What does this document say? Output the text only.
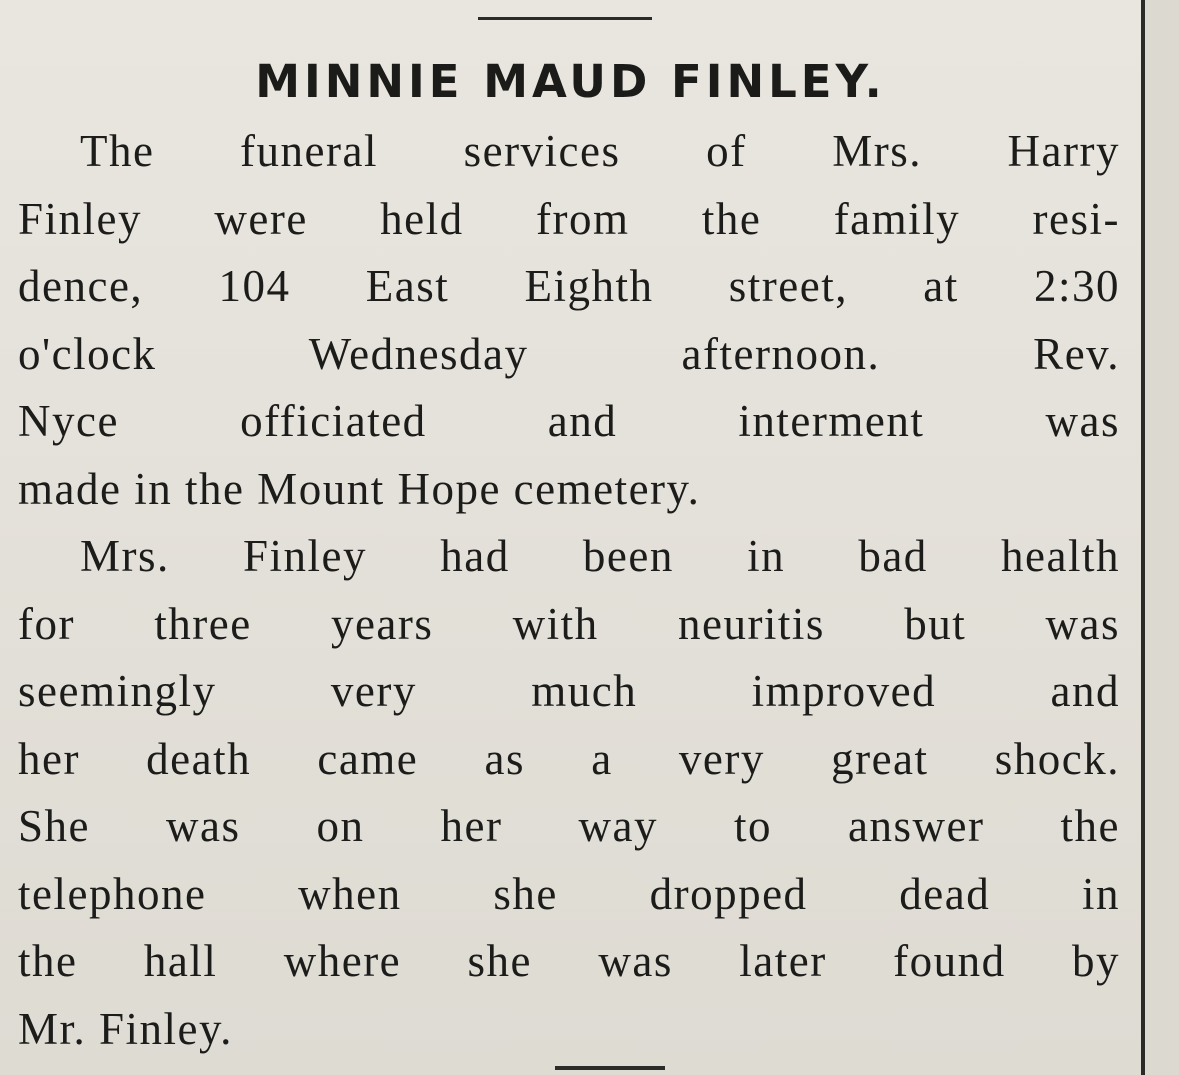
MINNIE MAUD FINLEY.

The funeral services of Mrs. Harry
Finley were held from the family resi-
dence, 104 East Eighth street, at 2:30
o'clock Wednesday afternoon. Rev.
Nyce officiated and interment was
made in the Mount Hope cemetery.

Mrs. Finley had been in bad health
for three years with neuritis but was
seemingly very much improved and
her death came as a very great shock.
She was on her way to answer the
telephone when she dropped dead in
the hall where she was later found by
Mr. Finley.
